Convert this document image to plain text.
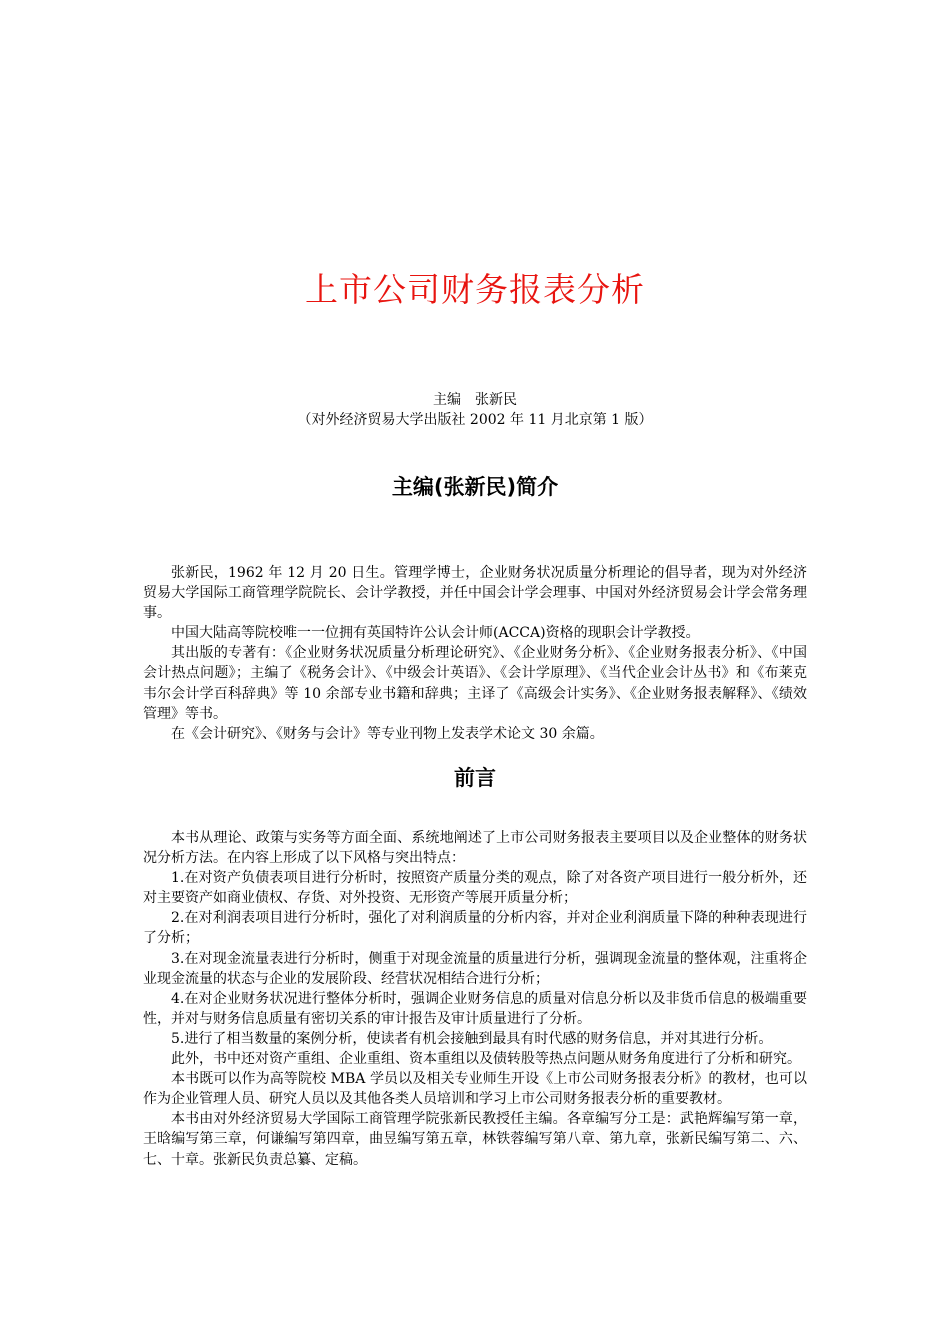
上市公司财务报表分析
主编　张新民
（对外经济贸易大学出版社 2002 年 11 月北京第 1 版）
主编(张新民)简介

张新民，1962 年 12 月 20 日生。管理学博士，企业财务状况质量分析理论的倡导者，现为对外经济贸易大学国际工商管理学院院长、会计学教授，并任中国会计学会理事、中国对外经济贸易会计学会常务理事。

中国大陆高等院校唯一一位拥有英国特许公认会计师(ACCA)资格的现职会计学教授。

其出版的专著有：《企业财务状况质量分析理论研究》、《企业财务分析》、《企业财务报表分析》、《中国会计热点问题》；主编了《税务会计》、《中级会计英语》、《会计学原理》、《当代企业会计丛书》和《布莱克韦尔会计学百科辞典》等 10 余部专业书籍和辞典；主译了《高级会计实务》、《企业财务报表解释》、《绩效管理》等书。

在《会计研究》、《财务与会计》等专业刊物上发表学术论文 30 余篇。

前言

本书从理论、政策与实务等方面全面、系统地阐述了上市公司财务报表主要项目以及企业整体的财务状况分析方法。在内容上形成了以下风格与突出特点：

1.在对资产负债表项目进行分析时，按照资产质量分类的观点，除了对各资产项目进行一般分析外，还对主要资产如商业债权、存货、对外投资、无形资产等展开质量分析；

2.在对利润表项目进行分析时，强化了对利润质量的分析内容，并对企业利润质量下降的种种表现进行了分析；

3.在对现金流量表进行分析时，侧重于对现金流量的质量进行分析，强调现金流量的整体观，注重将企业现金流量的状态与企业的发展阶段、经营状况相结合进行分析；

4.在对企业财务状况进行整体分析时，强调企业财务信息的质量对信息分析以及非货币信息的极端重要性，并对与财务信息质量有密切关系的审计报告及审计质量进行了分析。

5.进行了相当数量的案例分析，使读者有机会接触到最具有时代感的财务信息，并对其进行分析。

此外，书中还对资产重组、企业重组、资本重组以及债转股等热点问题从财务角度进行了分析和研究。

本书既可以作为高等院校 MBA 学员以及相关专业师生开设《上市公司财务报表分析》的教材，也可以作为企业管理人员、研究人员以及其他各类人员培训和学习上市公司财务报表分析的重要教材。

本书由对外经济贸易大学国际工商管理学院张新民教授任主编。各章编写分工是：武艳辉编写第一章，王晗编写第三章，何谦编写第四章，曲昱编写第五章，林铁蓉编写第八章、第九章，张新民编写第二、六、七、十章。张新民负责总纂、定稿。
